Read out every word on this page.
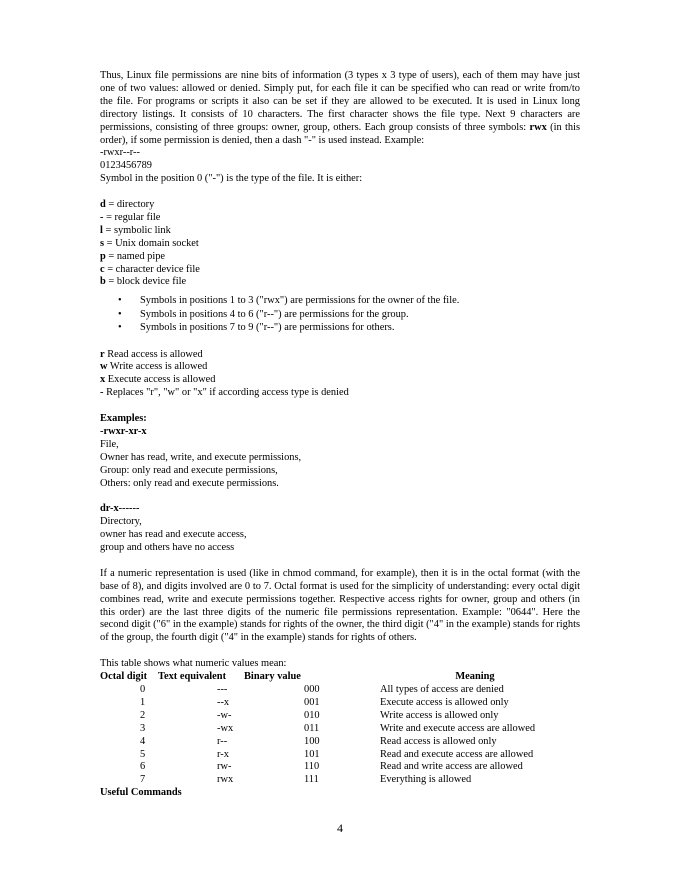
Thus, Linux file permissions are nine bits of information (3 types x 3 type of users), each of them may have just one of two values: allowed or denied. Simply put, for each file it can be specified who can read or write from/to the file. For programs or scripts it also can be set if they are allowed to be executed. It is used in Linux long directory listings. It consists of 10 characters. The first character shows the file type. Next 9 characters are permissions, consisting of three groups: owner, group, others. Each group consists of three symbols: rwx (in this order), if some permission is denied, then a dash "-" is used instead. Example:

-rwxr--r--

0123456789

Symbol in the position 0 ("-") is the type of the file. It is either:

d = directory

- = regular file

l = symbolic link

s = Unix domain socket

p = named pipe

c = character device file

b = block device file

• Symbols in positions 1 to 3 ("rwx") are permissions for the owner of the file.
• Symbols in positions 4 to 6 ("r--") are permissions for the group.
• Symbols in positions 7 to 9 ("r--") are permissions for others.

r Read access is allowed

w Write access is allowed

x Execute access is allowed

- Replaces "r", "w" or "x" if according access type is denied

Examples:

-rwxr-xr-x

File,

Owner has read, write, and execute permissions,

Group: only read and execute permissions,

Others: only read and execute permissions.

dr-x------

Directory,

owner has read and execute access,

group and others have no access

If a numeric representation is used (like in chmod command, for example), then it is in the octal format (with the base of 8), and digits involved are 0 to 7. Octal format is used for the simplicity of understanding: every octal digit combines read, write and execute permissions together. Respective access rights for owner, group and others (in this order) are the last three digits of the numeric file permissions representation. Example: "0644". Here the second digit ("6" in the example) stands for rights of the owner, the third digit ("4" in the example) stands for rights of the group, the fourth digit ("4" in the example) stands for rights of others.

This table shows what numeric values mean:

Octal digit	Text equivalent	Binary value	Meaning
0	---	000	All types of access are denied
1	--x	001	Execute access is allowed only
2	-w-	010	Write access is allowed only
3	-wx	011	Write and execute access are allowed
4	r--	100	Read access is allowed only
5	r-x	101	Read and execute access are allowed
6	rw-	110	Read and write access are allowed
7	rwx	111	Everything is allowed

Useful Commands

4
